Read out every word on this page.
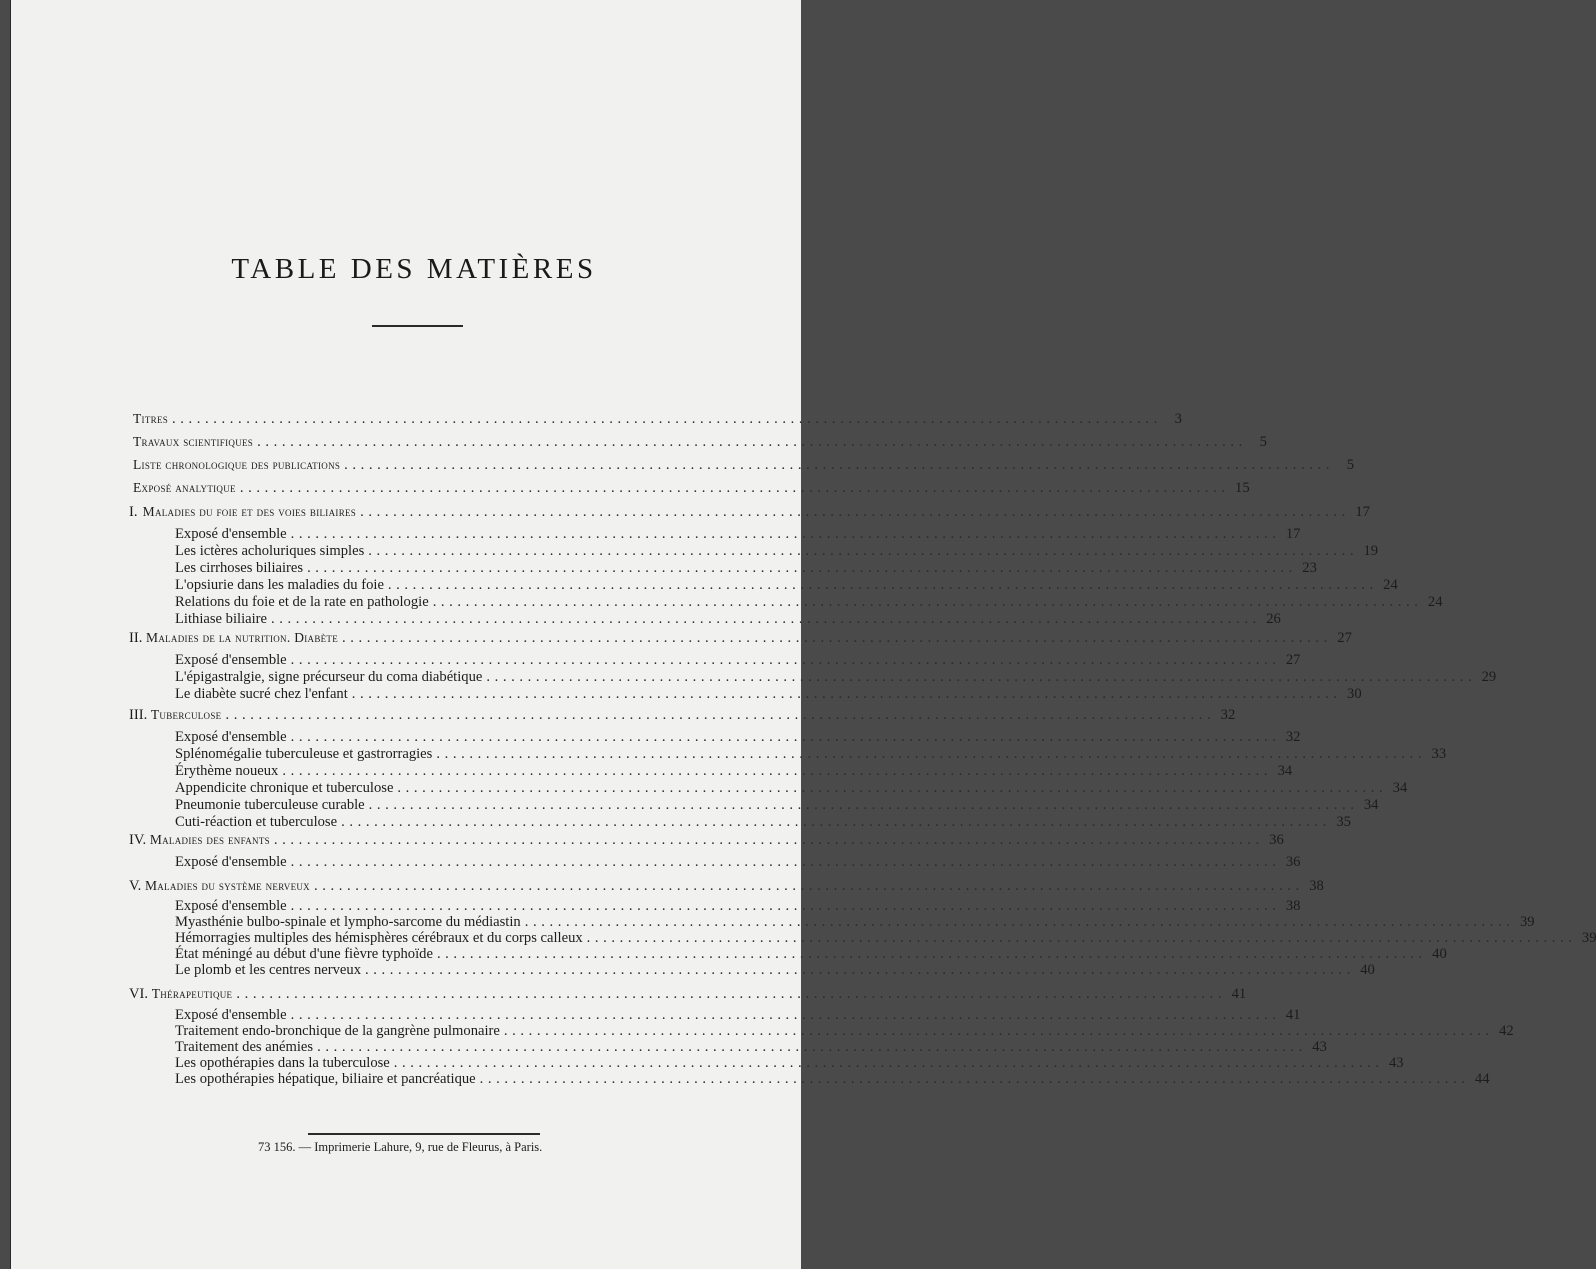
TABLE DES MATIÈRES
Titres ........................................................................................................................ 3
Travaux scientifiques ........................................................................................................................ 5
Liste chronologique des publications ........................................................................................................................ 5
Exposé analytique ........................................................................................................................ 15
I. Maladies du foie et des voies biliaires ........................................................................................................................ 17
Exposé d'ensemble ........................................................................................................................ 17
Les ictères acholuriques simples ........................................................................................................................ 19
Les cirrhoses biliaires ........................................................................................................................ 23
L'opsiurie dans les maladies du foie ........................................................................................................................ 24
Relations du foie et de la rate en pathologie ........................................................................................................................ 24
Lithiase biliaire ........................................................................................................................ 26
II. Maladies de la nutrition. Diabète ........................................................................................................................ 27
Exposé d'ensemble ........................................................................................................................ 27
L'épigastralgie, signe précurseur du coma diabétique ........................................................................................................................ 29
Le diabète sucré chez l'enfant ........................................................................................................................ 30
III. Tuberculose ........................................................................................................................ 32
Exposé d'ensemble ........................................................................................................................ 32
Splénomégalie tuberculeuse et gastrorragies ........................................................................................................................ 33
Érythème noueux ........................................................................................................................ 34
Appendicite chronique et tuberculose ........................................................................................................................ 34
Pneumonie tuberculeuse curable ........................................................................................................................ 34
Cuti-réaction et tuberculose ........................................................................................................................ 35
IV. Maladies des enfants ........................................................................................................................ 36
Exposé d'ensemble ........................................................................................................................ 36
V. Maladies du système nerveux ........................................................................................................................ 38
Exposé d'ensemble ........................................................................................................................ 38
Myasthénie bulbo-spinale et lympho-sarcome du médiastin ........................................................................................................................ 39
Hémorragies multiples des hémisphères cérébraux et du corps calleux ........................................................................................................................ 39
État méningé au début d'une fièvre typhoïde ........................................................................................................................ 40
Le plomb et les centres nerveux ........................................................................................................................ 40
VI. Thérapeutique ........................................................................................................................ 41
Exposé d'ensemble ........................................................................................................................ 41
Traitement endo-bronchique de la gangrène pulmonaire ........................................................................................................................ 42
Traitement des anémies ........................................................................................................................ 43
Les opothérapies dans la tuberculose ........................................................................................................................ 43
Les opothérapies hépatique, biliaire et pancréatique ........................................................................................................................ 44
73 156. — Imprimerie Lahure, 9, rue de Fleurus, à Paris.
